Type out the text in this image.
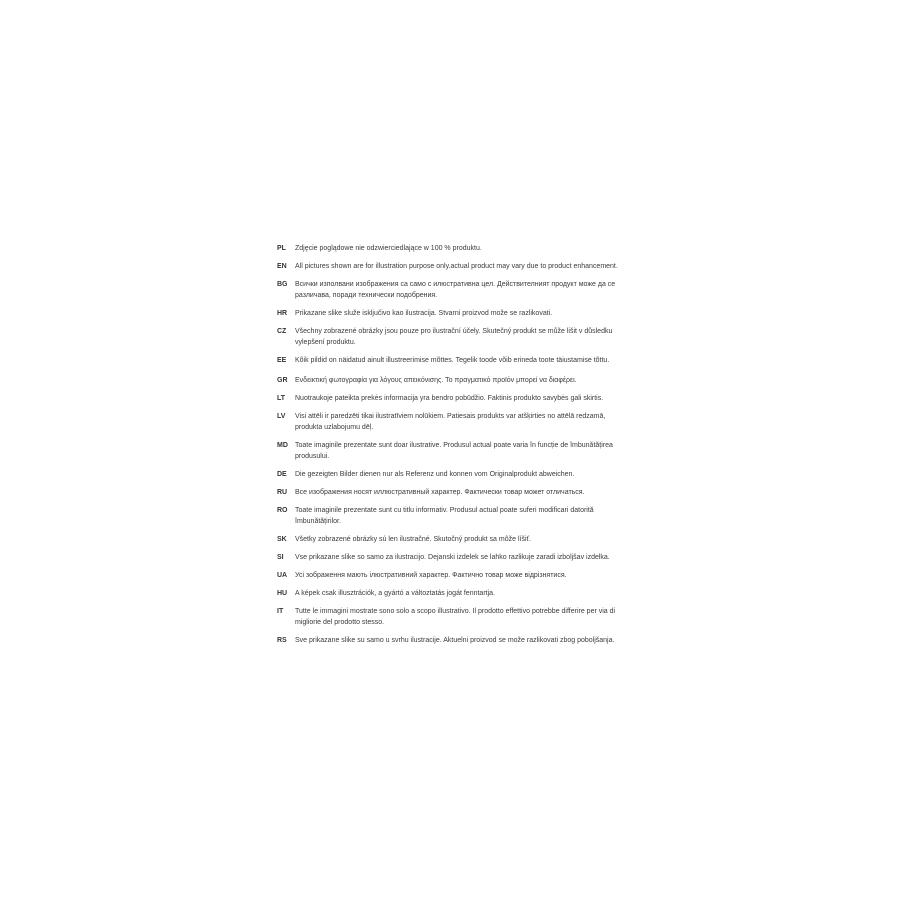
PL	Zdjęcie poglądowe nie odzwierciedlające w 100 % produktu.
EN	All pictures shown are for illustration purpose only.actual product may vary due to product enhancement.
BG	Всички изполвани изображения са само с илюстративна цел. Действителният продукт може да се различава, поради технически подобрения.
HR	Prikazane slike služe isključivo kao ilustracija. Stvarni proizvod može se razlikovati.
CZ	Všechny zobrazené obrázky jsou pouze pro ilustrační účely. Skutečný produkt se může lišit v důsledku vylepšení produktu.
EE	Kõik pildid on näidatud ainult illustreerimise mõttes. Tegelik toode võib erineda toote täiustamise tõttu.
GR	Ενδεικτική φωτογραφία για λόγους απεικόνισης. Το πραγματικό προϊόν μπορεί να διαφέρει.
LT	Nuotraukoje pateikta prekės informacija yra bendro pobūdžio. Faktinis produkto savybės gali skirtis.
LV	Visi attēli ir paredzēti tikai ilustratīviem nolūkiem. Patiesais produkts var atšķirties no attēlā redzamā, produkta uzlabojumu dēļ.
MD	Toate imaginile prezentate sunt doar ilustrative. Produsul actual poate varia în funcție de îmbunătățirea produsului.
DE	Die gezeigten Bilder dienen nur als Referenz und konnen vom Originalprodukt abweichen.
RU	Все изображения носят иллюстративный характер. Фактически товар может отличаться.
RO	Toate imaginile prezentate sunt cu titlu informativ. Produsul actual poate suferi modificari datorită îmbunătățirilor.
SK	Všetky zobrazené obrázky sú len ilustračné. Skutočný produkt sa môže líšiť.
SI	Vse prikazane slike so samo za ilustracijo. Dejanski izdelek se lahko razlikuje zaradi izboljšav izdelka.
UA	Усі зображення мають ілюстративний характер. Фактично товар може відрізнятися.
HU	A képek csak illusztrációk, a gyártó a változtatás jogát fenntartja.
IT	Tutte le immagini mostrate sono solo a scopo illustrativo. Il prodotto effettivo potrebbe differire per via di migliorie del prodotto stesso.
RS	Sve prikazane slike su samo u svrhu ilustracije. Aktuelni proizvod se može razlikovati zbog poboljšanja.
